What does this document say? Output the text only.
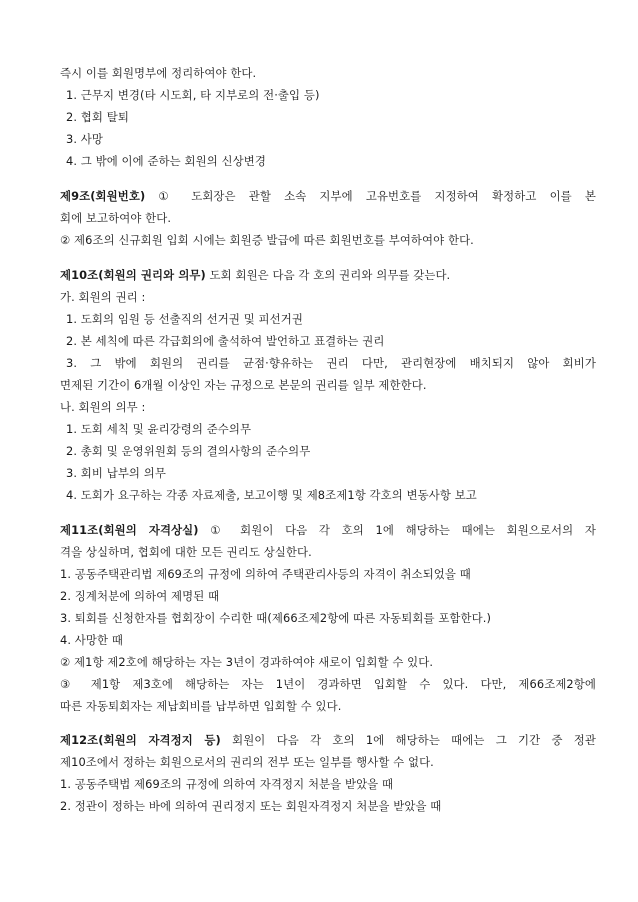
즉시 이를 회원명부에 정리하여야 한다.
1. 근무지 변경(타 시도회, 타 지부로의 전·출입 등)
2. 협회 탈퇴
3. 사망
4. 그 밖에 이에 준하는 회원의 신상변경
제9조(회원번호) ① 도회장은 관할 소속 지부에 고유번호를 지정하여 확정하고 이를 본
회에 보고하여야 한다.
② 제6조의 신규회원 입회 시에는 회원증 발급에 따른 회원번호를 부여하여야 한다.
제10조(회원의 권리와 의무) 도회 회원은 다음 각 호의 권리와 의무를 갖는다.
가. 회원의 권리 :
1. 도회의 임원 등 선출직의 선거권 및 피선거권
2. 본 세칙에 따른 각급회의에 출석하여 발언하고 표결하는 권리
3. 그 밖에 회원의 권리를 균점·향유하는 권리 다만, 관리현장에 배치되지 않아 회비가
면제된 기간이 6개월 이상인 자는 규정으로 본문의 권리를 일부 제한한다.
나. 회원의 의무 :
1. 도회 세칙 및 윤리강령의 준수의무
2. 총회 및 운영위원회 등의 결의사항의 준수의무
3. 회비 납부의 의무
4. 도회가 요구하는 각종 자료제출, 보고이행 및 제8조제1항 각호의 변동사항 보고
제11조(회원의 자격상실) ① 회원이 다음 각 호의 1에 해당하는 때에는 회원으로서의 자
격을 상실하며, 협회에 대한 모든 권리도 상실한다.
1. 공동주택관리법 제69조의 규정에 의하여 주택관리사등의 자격이 취소되었을 때
2. 징계처분에 의하여 제명된 때
3. 퇴회를 신청한자를 협회장이 수리한 때(제66조제2항에 따른 자동퇴회를 포함한다.)
4. 사망한 때
② 제1항 제2호에 해당하는 자는 3년이 경과하여야 새로이 입회할 수 있다.
③ 제1항 제3호에 해당하는 자는 1년이 경과하면 입회할 수 있다. 다만, 제66조제2항에
따른 자동퇴회자는 제납회비를 납부하면 입회할 수 있다.
제12조(회원의 자격정지 등) 회원이 다음 각 호의 1에 해당하는 때에는 그 기간 중 정관
제10조에서 정하는 회원으로서의 권리의 전부 또는 일부를 행사할 수 없다.
1. 공동주택법 제69조의 규정에 의하여 자격정지 처분을 받았을 때
2. 정관이 정하는 바에 의하여 권리정지 또는 회원자격정지 처분을 받았을 때
